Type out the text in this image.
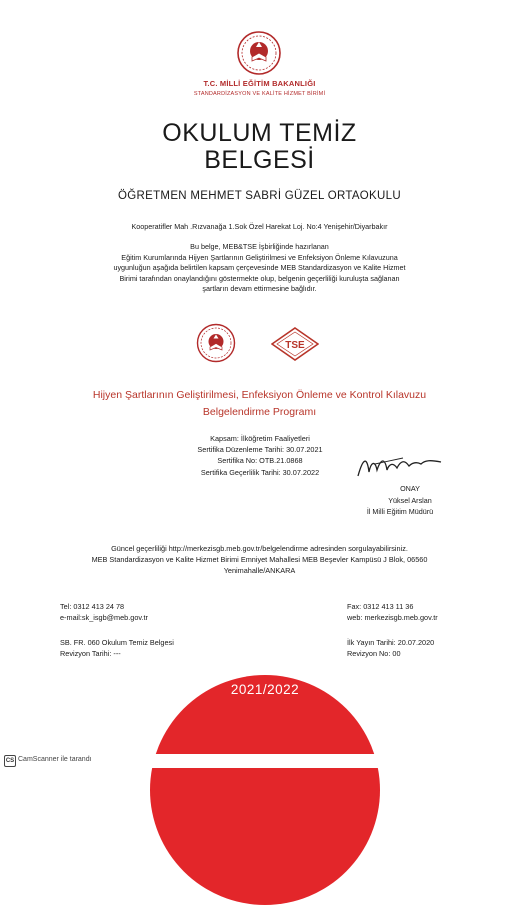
T.C. MİLLİ EĞİTİM BAKANLIĞI
STANDARDİZASYON VE KALİTE HİZMET BİRİMİ
OKULUM TEMİZ
BELGESİ
ÖĞRETMEN MEHMET SABRİ GÜZEL ORTAOKULU
Kooperatifler Mah .Rızvanağa 1.Sok Özel Harekat Loj. No:4 Yenişehir/Diyarbakır
Bu belge, MEB&TSE İşbirliğinde hazırlanan
Eğitim Kurumlarında Hijyen Şartlarının Geliştirilmesi ve Enfeksiyon Önleme Kılavuzuna
uygunluğun aşağıda belirtilen kapsam çerçevesinde MEB Standardizasyon ve Kalite Hizmet
Birimi tarafından onaylandığını göstermekte olup, belgenin geçerliliği kuruluşta sağlanan
şartların devam ettirmesine bağlıdır.
TSE
Hijyen Şartlarının Geliştirilmesi, Enfeksiyon Önleme ve Kontrol Kılavuzu
Belgelendirme Programı
Kapsam: İlköğretim Faaliyetleri
Sertifika Düzenleme Tarihi: 30.07.2021
Sertifika No: OTB.21.0868
Sertifika Geçerlilik Tarihi: 30.07.2022
ONAY
Yüksel Arslan
İl Milli Eğitim Müdürü
Güncel geçerliliği http://merkezisgb.meb.gov.tr/belgelendirme adresinden sorgulayabilirsiniz.
MEB Standardizasyon ve Kalite Hizmet Birimi Emniyet Mahallesi MEB Beşevler Kampüsü J Blok, 06560
Yenimahalle/ANKARA
Tel: 0312 413 24 78
e-mail:sk_isgb@meb.gov.tr
Fax: 0312 413 11 36
web: merkezisgb.meb.gov.tr
SB. FR. 060 Okulum Temiz Belgesi
Revizyon Tarihi: ---
İlk Yayın Tarihi: 20.07.2020
Revizyon No: 00
2021/2022
CS CamScanner ile tarandı
